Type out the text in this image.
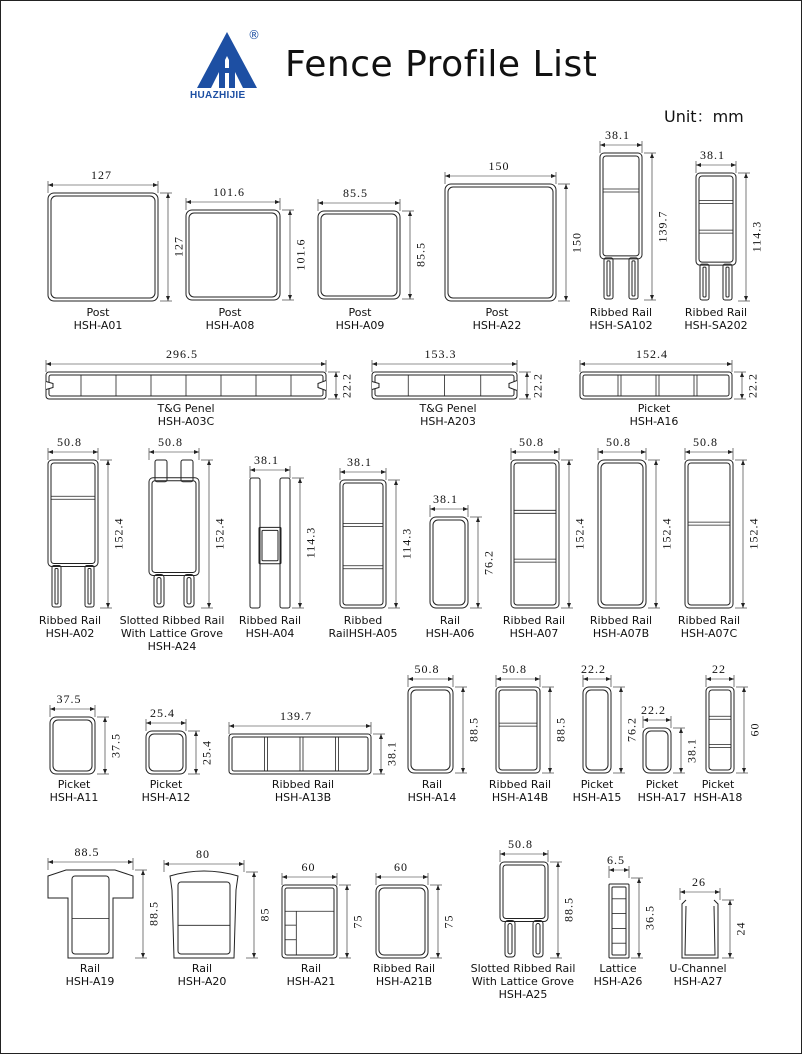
®
HUAZHIJIE
Fence Profile List
Unit：mm
127
127
Post
HSH-A01
101.6
101.6
Post
HSH-A08
85.5
85.5
Post
HSH-A09
150
150
Post
HSH-A22
38.1
139.7
Ribbed Rail
HSH-SA102
38.1
114.3
Ribbed Rail
HSH-SA202
296.5
22.2
T&G Penel
HSH-A03C
153.3
22.2
T&G Penel
HSH-A203
152.4
22.2
Picket
HSH-A16
50.8
152.4
Ribbed Rail
HSH-A02
50.8
152.4
Slotted Ribbed Rail
With Lattice Grove
HSH-A24
38.1
114.3
Ribbed Rail
HSH-A04
38.1
114.3
Ribbed
RailHSH-A05
38.1
76.2
Rail
HSH-A06
50.8
152.4
Ribbed Rail
HSH-A07
50.8
152.4
Ribbed Rail
HSH-A07B
50.8
152.4
Ribbed Rail
HSH-A07C
37.5
37.5
Picket
HSH-A11
25.4
25.4
Picket
HSH-A12
139.7
38.1
Ribbed Rail
HSH-A13B
50.8
88.5
Rail
HSH-A14
50.8
88.5
Ribbed Rail
HSH-A14B
22.2
76.2
Picket
HSH-A15
22.2
38.1
Picket
HSH-A17
22
60
Picket
HSH-A18
88.5
88.5
Rail
HSH-A19
80
85
Rail
HSH-A20
60
75
Rail
HSH-A21
60
75
Ribbed Rail
HSH-A21B
50.8
88.5
Slotted Ribbed Rail
With Lattice Grove
HSH-A25
6.5
36.5
Lattice
HSH-A26
26
24
U-Channel
HSH-A27
